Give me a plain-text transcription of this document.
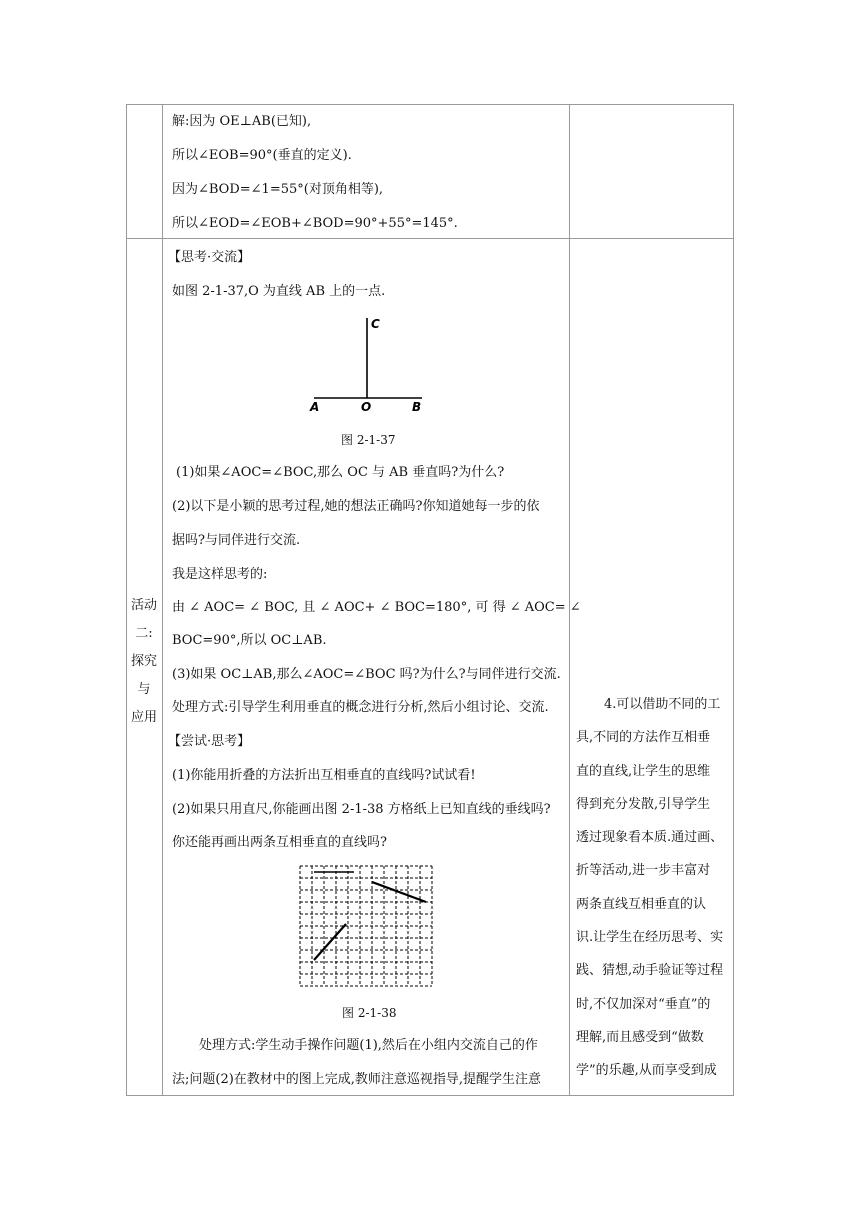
解:因为 OE⊥AB(已知),
所以∠EOB=90°(垂直的定义).
因为∠BOD=∠1=55°(对顶角相等),
所以∠EOD=∠EOB+∠BOD=90°+55°=145°.
活动
二:
探究
与
应用
【思考·交流】
如图 2-1-37,O 为直线 AB 上的一点.
C
A	O	B
图 2-1-37
(1)如果∠AOC=∠BOC,那么 OC 与 AB 垂直吗?为什么?
(2)以下是小颖的思考过程,她的想法正确吗?你知道她每一步的依
据吗?与同伴进行交流.
我是这样思考的:
由 ∠ AOC= ∠ BOC, 且 ∠ AOC+ ∠ BOC=180°, 可 得 ∠ AOC= ∠
BOC=90°,所以 OC⊥AB.
(3)如果 OC⊥AB,那么∠AOC=∠BOC 吗?为什么?与同伴进行交流.
处理方式:引导学生利用垂直的概念进行分析,然后小组讨论、交流.
【尝试·思考】
(1)你能用折叠的方法折出互相垂直的直线吗?试试看!
(2)如果只用直尺,你能画出图 2-1-38 方格纸上已知直线的垂线吗?
你还能再画出两条互相垂直的直线吗?
图 2-1-38
处理方式:学生动手操作问题(1),然后在小组内交流自己的作
法;问题(2)在教材中的图上完成,教师注意巡视指导,提醒学生注意
4.可以借助不同的工
具,不同的方法作互相垂
直的直线,让学生的思维
得到充分发散,引导学生
透过现象看本质.通过画、
折等活动,进一步丰富对
两条直线互相垂直的认
识.让学生在经历思考、实
践、猜想,动手验证等过程
时,不仅加深对“垂直”的
理解,而且感受到“做数
学”的乐趣,从而享受到成
